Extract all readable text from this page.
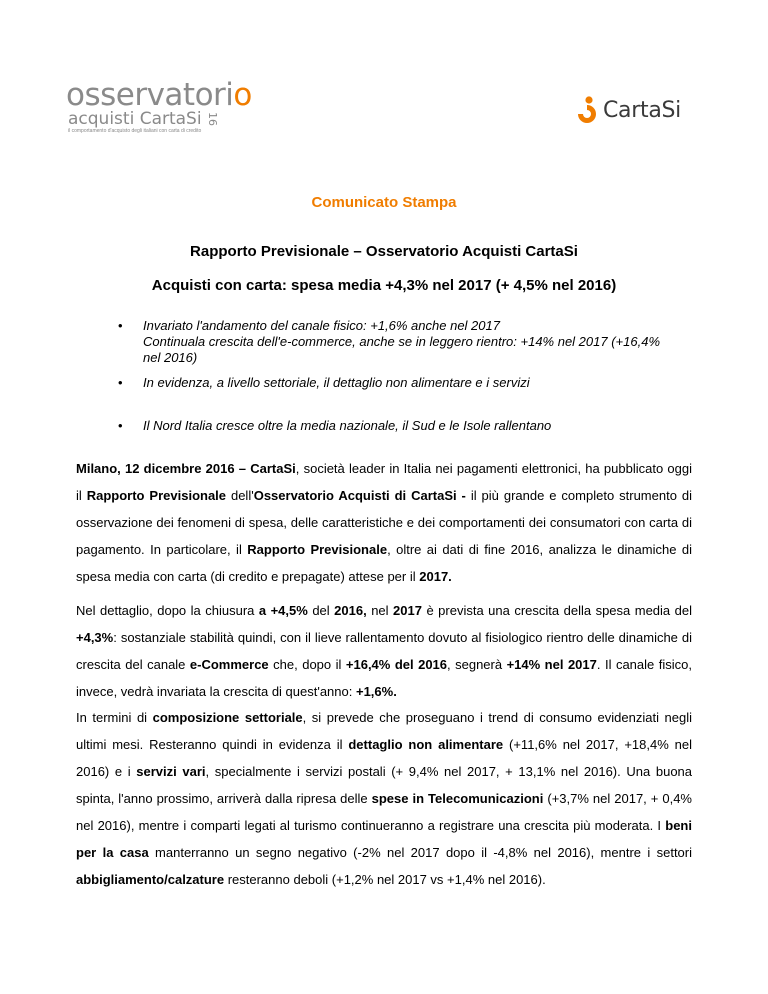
osservatorio
acquisti CartaSi 16
il comportamento d'acquisto degli italiani con carta di credito
CartaSi
Comunicato Stampa
Rapporto Previsionale – Osservatorio Acquisti CartaSi
Acquisti con carta: spesa media +4,3% nel 2017 (+ 4,5% nel 2016)
• Invariato l'andamento del canale fisico: +1,6% anche nel 2017
Continuala crescita dell'e-commerce, anche se in leggero rientro: +14% nel 2017 (+16,4% nel 2016)
• In evidenza, a livello settoriale, il dettaglio non alimentare e i servizi
• Il Nord Italia cresce oltre la media nazionale, il Sud e le Isole rallentano
Milano, 12 dicembre 2016 – CartaSi, società leader in Italia nei pagamenti elettronici, ha pubblicato oggi il Rapporto Previsionale dell'Osservatorio Acquisti di CartaSi - il più grande e completo strumento di osservazione dei fenomeni di spesa, delle caratteristiche e dei comportamenti dei consumatori con carta di pagamento. In particolare, il Rapporto Previsionale, oltre ai dati di fine 2016, analizza le dinamiche di spesa media con carta (di credito e prepagate) attese per il 2017.
Nel dettaglio, dopo la chiusura a +4,5% del 2016, nel 2017 è prevista una crescita della spesa media del +4,3%: sostanziale stabilità quindi, con il lieve rallentamento dovuto al fisiologico rientro delle dinamiche di crescita del canale e-Commerce che, dopo il +16,4% del 2016, segnerà +14% nel 2017. Il canale fisico, invece, vedrà invariata la crescita di quest'anno: +1,6%.
In termini di composizione settoriale, si prevede che proseguano i trend di consumo evidenziati negli ultimi mesi. Resteranno quindi in evidenza il dettaglio non alimentare (+11,6% nel 2017, +18,4% nel 2016) e i servizi vari, specialmente i servizi postali (+ 9,4% nel 2017, + 13,1% nel 2016). Una buona spinta, l'anno prossimo, arriverà dalla ripresa delle spese in Telecomunicazioni (+3,7% nel 2017, + 0,4% nel 2016), mentre i comparti legati al turismo continueranno a registrare una crescita più moderata. I beni per la casa manterranno un segno negativo (-2% nel 2017 dopo il -4,8% nel 2016), mentre i settori abbigliamento/calzature resteranno deboli (+1,2% nel 2017 vs +1,4% nel 2016).
